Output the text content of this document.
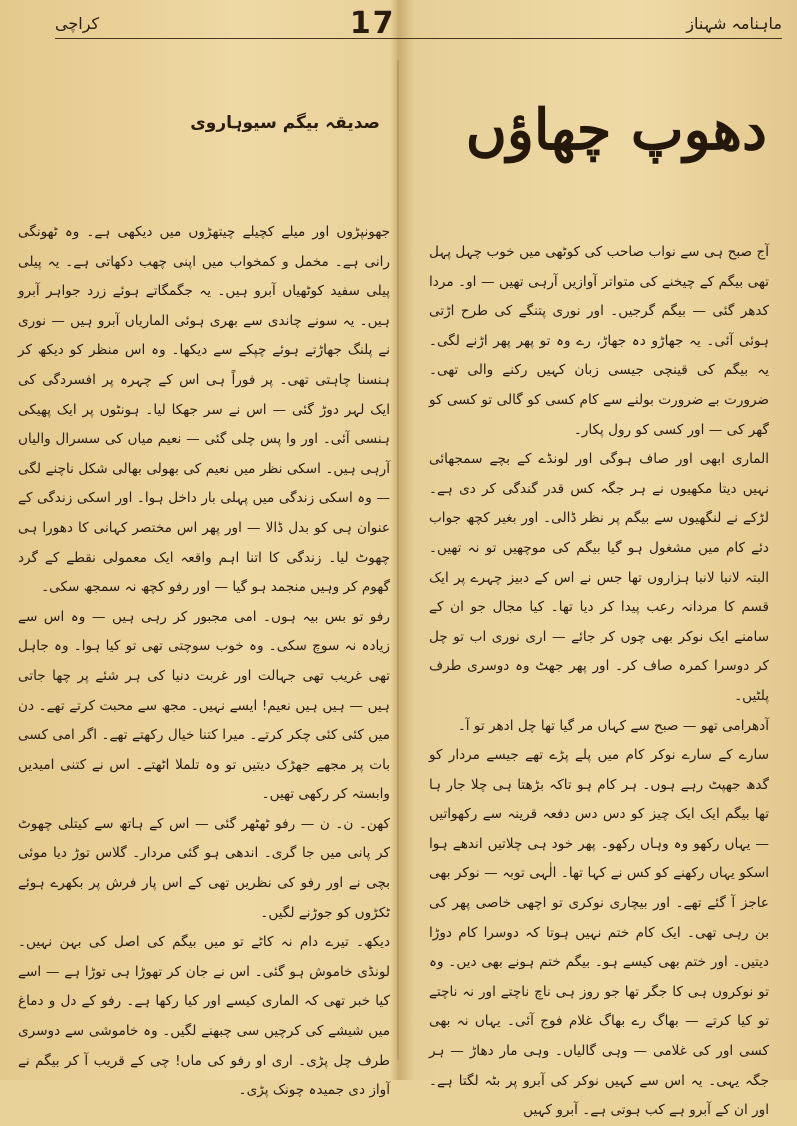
ماہنامہ شہناز
17
کراچی
دھوپ چھاؤں
صدیقہ بیگم سیوہاروی

آج صبح ہی سے نواب صاحب کی کوٹھی میں خوب چہل پہل تھی بیگم کے چیخنے کی متواتر آوازیں آرہی تھیں — او۔ مردا کدھر گئی — بیگم گرجیں۔ اور نوری پتنگے کی طرح اڑتی ہوئی آئی۔ یہ جھاڑو دہ جھاڑ، رے وہ تو پھر پھر اڑنے لگی۔ یہ بیگم کی قینچی جیسی زبان کہیں رکنے والی تھی۔ ضرورت بے ضرورت بولنے سے کام کسی کو گالی تو کسی کو گھر کی — اور کسی کو رول پکار۔

الماری ابھی اور صاف ہوگی اور لونڈے کے بچے سمجھائی نہیں دیتا مکھیوں نے ہر جگہ کس قدر گندگی کر دی ہے۔ لڑکے نے لنگھیوں سے بیگم پر نظر ڈالی۔ اور بغیر کچھ جواب دئے کام میں مشغول ہو گیا بیگم کی موچھیں تو نہ تھیں۔ البتہ لانبا لانبا ہزاروں تھا جس نے اس کے دبیز چہرے پر ایک قسم کا مردانہ رعب پیدا کر دیا تھا۔ کیا مجال جو ان کے سامنے ایک نوکر بھی چوں کر جائے — اری نوری اب تو چل کر دوسرا کمرہ صاف کر۔ اور پھر جھٹ وہ دوسری طرف پلٹیں۔

آدھرامی تھو — صبح سے کہاں مر گیا تھا چل ادھر تو آ۔

سارے کے سارے نوکر کام میں پلے پڑے تھے جیسے مردار کو گدھ جھپٹ رہے ہوں۔ ہر کام ہو تاکہ بڑھتا ہی چلا جار ہا تھا بیگم ایک ایک چیز کو دس دس دفعہ قرینہ سے رکھواتیں — یہاں رکھو وہ وہاں رکھو۔ پھر خود ہی چلاتیں اندھے ہوا اسکو یہاں رکھنے کو کس نے کہا تھا۔ الٰہی توبہ — نوکر بھی عاجز آ گئے تھے۔ اور بیچاری نوکری تو اچھی خاصی پھر کی بن رہی تھی۔ ایک کام ختم نہیں ہوتا کہ دوسرا کام دوڑا دیتیں۔ اور ختم بھی کیسے ہو۔ بیگم ختم ہونے بھی دیں۔ وہ تو نوکروں ہی کا جگر تھا جو روز ہی ناچ ناچتے اور نہ ناچتے تو کیا کرتے — بھاگ رے بھاگ غلام فوج آئی۔ یہاں نہ بھی کسی اور کی غلامی — وہی گالیاں۔ وہی مار دھاڑ — ہر جگہ یہی۔ یہ اس سے کہیں نوکر کی آبرو پر بٹہ لگتا ہے۔ اور ان کے آبرو ہے کب ہوتی ہے۔ آبرو کہیں

جھونپڑوں اور میلے کچیلے چیتھڑوں میں دیکھی ہے۔ وہ ٹھونگی رانی ہے۔ مخمل و کمخواب میں اپنی چھب دکھاتی ہے۔ یہ پیلی پیلی سفید کوٹھیاں آبرو ہیں۔ یہ جگمگاتے ہوئے زرد جواہر آبرو ہیں۔ یہ سونے چاندی سے بھری ہوئی الماریاں آبرو ہیں — نوری نے پلنگ جھاڑتے ہوئے چپکے سے دیکھا۔ وہ اس منظر کو دیکھ کر ہنسنا چاہتی تھی۔ پر فوراً ہی اس کے چہرہ پر افسردگی کی ایک لہر دوڑ گئی — اس نے سر جھکا لیا۔ ہونٹوں پر ایک پھیکی ہنسی آئی۔ اور وا پس چلی گئی — نعیم میاں کی سسرال والیاں آرہی ہیں۔ اسکی نظر میں نعیم کی بھولی بھالی شکل ناچنے لگی — وہ اسکی زندگی میں پہلی بار داخل ہوا۔ اور اسکی زندگی کے عنوان ہی کو بدل ڈالا — اور پھر اس مختصر کہانی کا دھورا ہی چھوٹ لیا۔ زندگی کا اتنا اہم واقعہ ایک معمولی نقطے کے گرد گھوم کر وہیں منجمد ہو گیا — اور رفو کچھ نہ سمجھ سکی۔

رفو تو بس بیہ ہوں۔ امی مجبور کر رہی ہیں — وہ اس سے زیادہ نہ سوچ سکی۔ وہ خوب سوچتی تھی تو کیا ہوا۔ وہ جاہل تھی غریب تھی جہالت اور غربت دنیا کی ہر شئے پر چھا جاتی ہیں — ہیں ہیں نعیم! ایسے نہیں۔ مجھ سے محبت کرتے تھے۔ دن میں کئی کئی چکر کرتے۔ میرا کتنا خیال رکھتے تھے۔ اگر امی کسی بات پر مجھے جھڑک دیتیں تو وہ تلملا اٹھتے۔ اس نے کتنی امیدیں وابستہ کر رکھی تھیں۔

کھن۔ ن۔ ن — رفو ٹھٹھر گئی — اس کے ہاتھ سے کیتلی چھوٹ کر پانی میں جا گری۔ اندھی ہو گئی مردار۔ گلاس توڑ دیا موئی بچی نے اور رفو کی نظریں تھی کے اس پار فرش پر بکھرے ہوئے ٹکڑوں کو جوڑنے لگیں۔

دیکھ۔ تیرے دام نہ کاٹے تو میں بیگم کی اصل کی بہن نہیں۔ لونڈی خاموش ہو گئی۔ اس نے جان کر تھوڑا ہی توڑا ہے — اسے کیا خبر تھی کہ الماری کیسے اور کیا رکھا ہے۔ رفو کے دل و دماغ میں شیشے کی کرچیں سی چبھنے لگیں۔ وہ خاموشی سے دوسری طرف چل پڑی۔ اری او رفو کی ماں! چی کے قریب آ کر بیگم نے آواز دی جمیدہ چونک پڑی۔
